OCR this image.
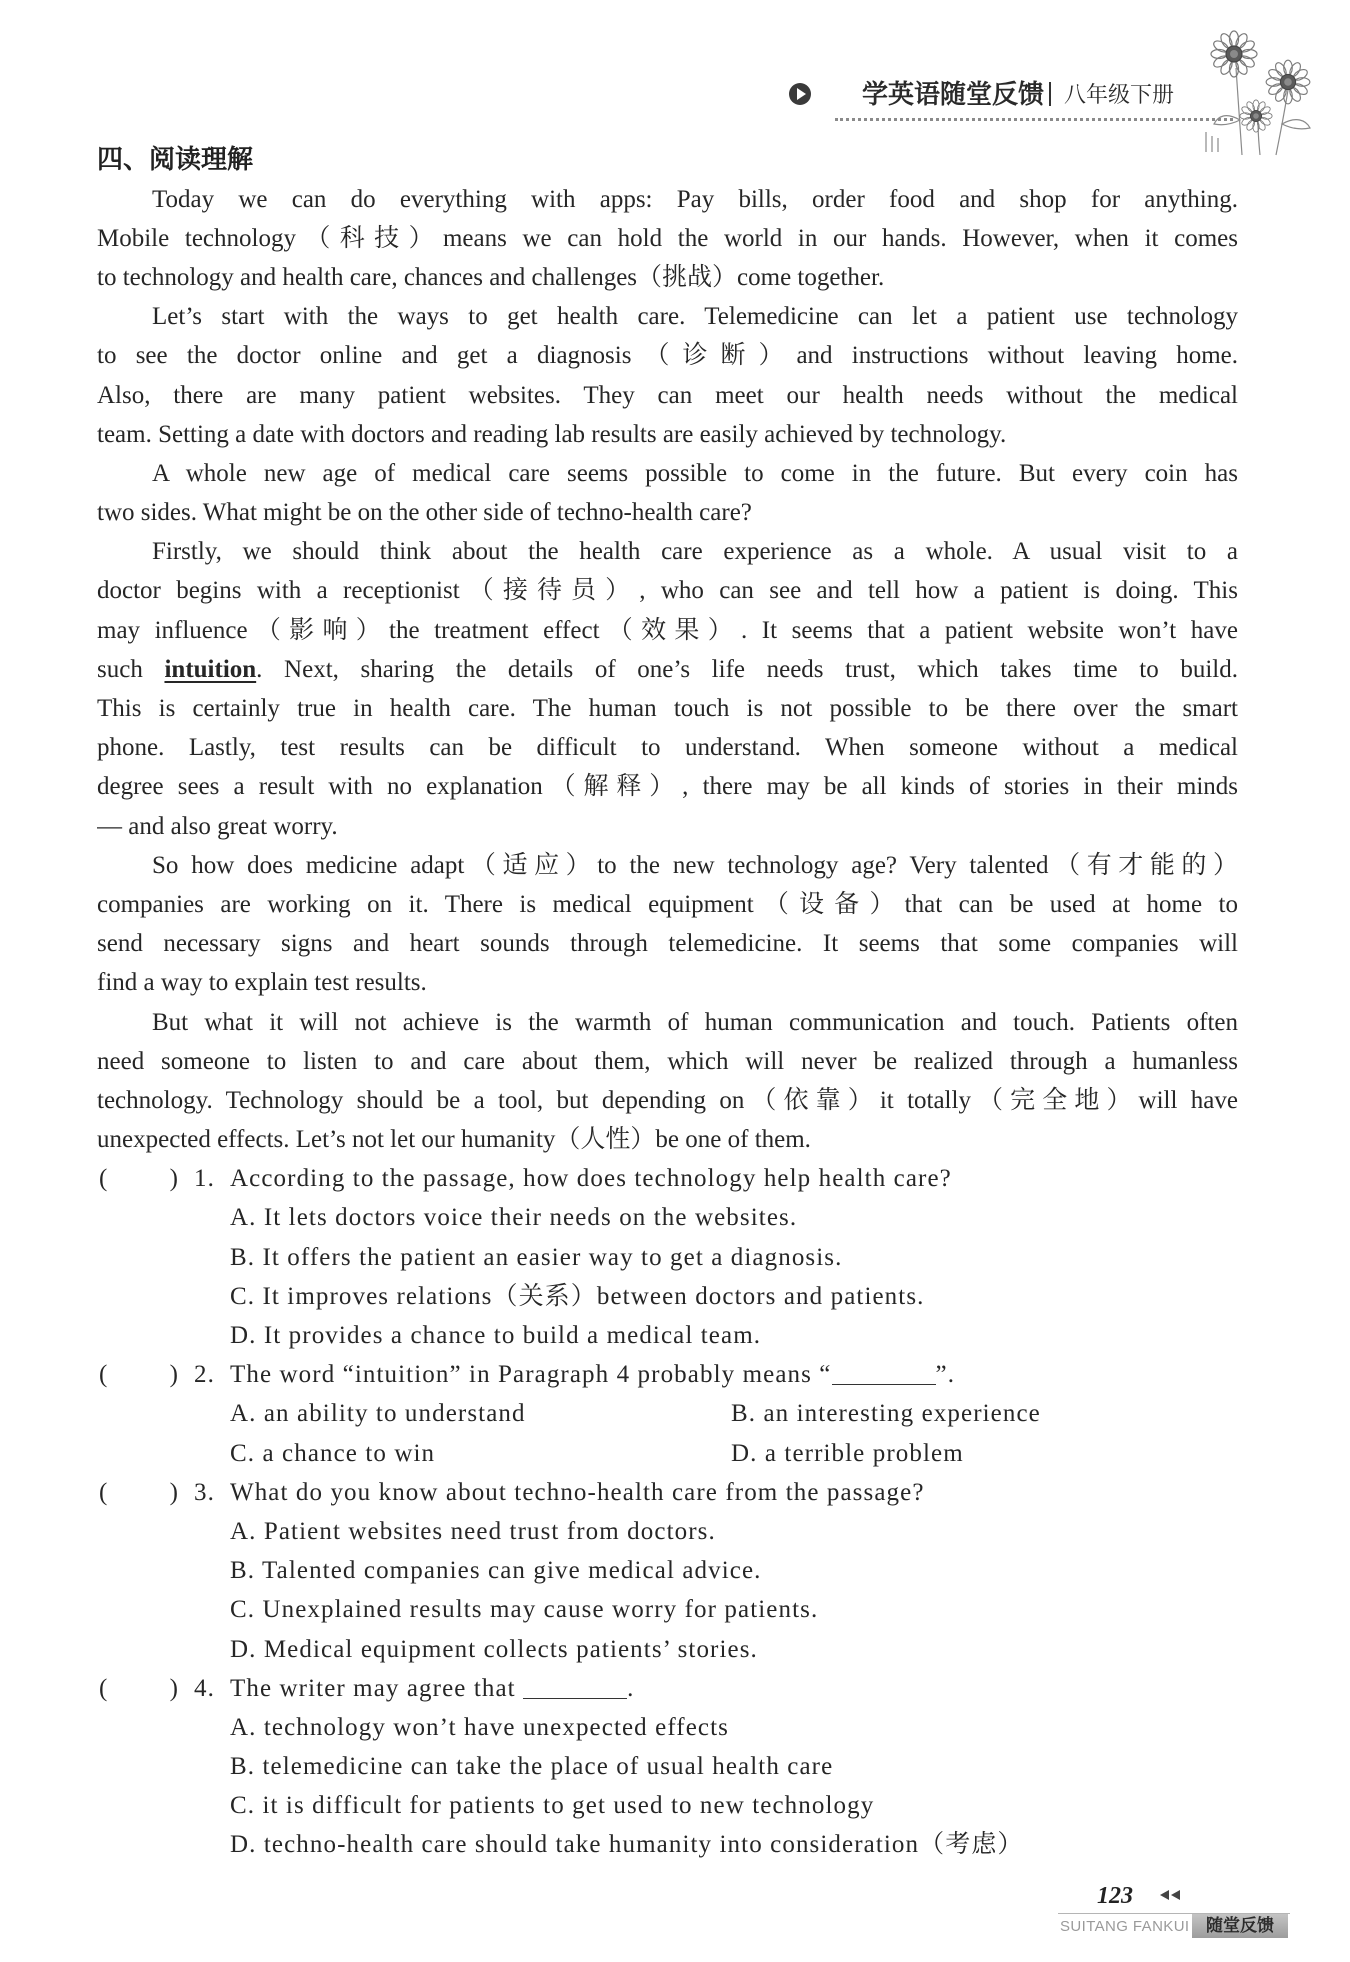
学英语随堂反馈 八年级下册
四、阅读理解
Today we can do everything with apps: Pay bills, order food and shop for anything.
Mobile technology（科技）means we can hold the world in our hands. However, when it comes
to technology and health care, chances and challenges（挑战）come together.
Let’s start with the ways to get health care. Telemedicine can let a patient use technology
to see the doctor online and get a diagnosis（诊断）and instructions without leaving home.
Also, there are many patient websites. They can meet our health needs without the medical
team. Setting a date with doctors and reading lab results are easily achieved by technology.
A whole new age of medical care seems possible to come in the future. But every coin has
two sides. What might be on the other side of techno-health care?
Firstly, we should think about the health care experience as a whole. A usual visit to a
doctor begins with a receptionist（接待员）, who can see and tell how a patient is doing. This
may influence（影响）the treatment effect（效果）. It seems that a patient website won’t have
such intuition. Next, sharing the details of one’s life needs trust, which takes time to build.
This is certainly true in health care. The human touch is not possible to be there over the smart
phone. Lastly, test results can be difficult to understand. When someone without a medical
degree sees a result with no explanation（解释）, there may be all kinds of stories in their minds
— and also great worry.
So how does medicine adapt（适应）to the new technology age? Very talented（有才能的）
companies are working on it. There is medical equipment（设备）that can be used at home to
send necessary signs and heart sounds through telemedicine. It seems that some companies will
find a way to explain test results.
But what it will not achieve is the warmth of human communication and touch. Patients often
need someone to listen to and care about them, which will never be realized through a humanless
technology. Technology should be a tool, but depending on（依靠）it totally（完全地）will have
unexpected effects. Let’s not let our humanity（人性）be one of them.
( ) 1. According to the passage, how does technology help health care?
A. It lets doctors voice their needs on the websites.
B. It offers the patient an easier way to get a diagnosis.
C. It improves relations（关系）between doctors and patients.
D. It provides a chance to build a medical team.
( ) 2. The word “intuition” in Paragraph 4 probably means “	”.
A. an ability to understand	B. an interesting experience
C. a chance to win	D. a terrible problem
( ) 3. What do you know about techno-health care from the passage?
A. Patient websites need trust from doctors.
B. Talented companies can give medical advice.
C. Unexplained results may cause worry for patients.
D. Medical equipment collects patients’ stories.
( ) 4. The writer may agree that	.
A. technology won’t have unexpected effects
B. telemedicine can take the place of usual health care
C. it is difficult for patients to get used to new technology
D. techno-health care should take humanity into consideration（考虑）
123
SUITANG FANKUI 随堂反馈
